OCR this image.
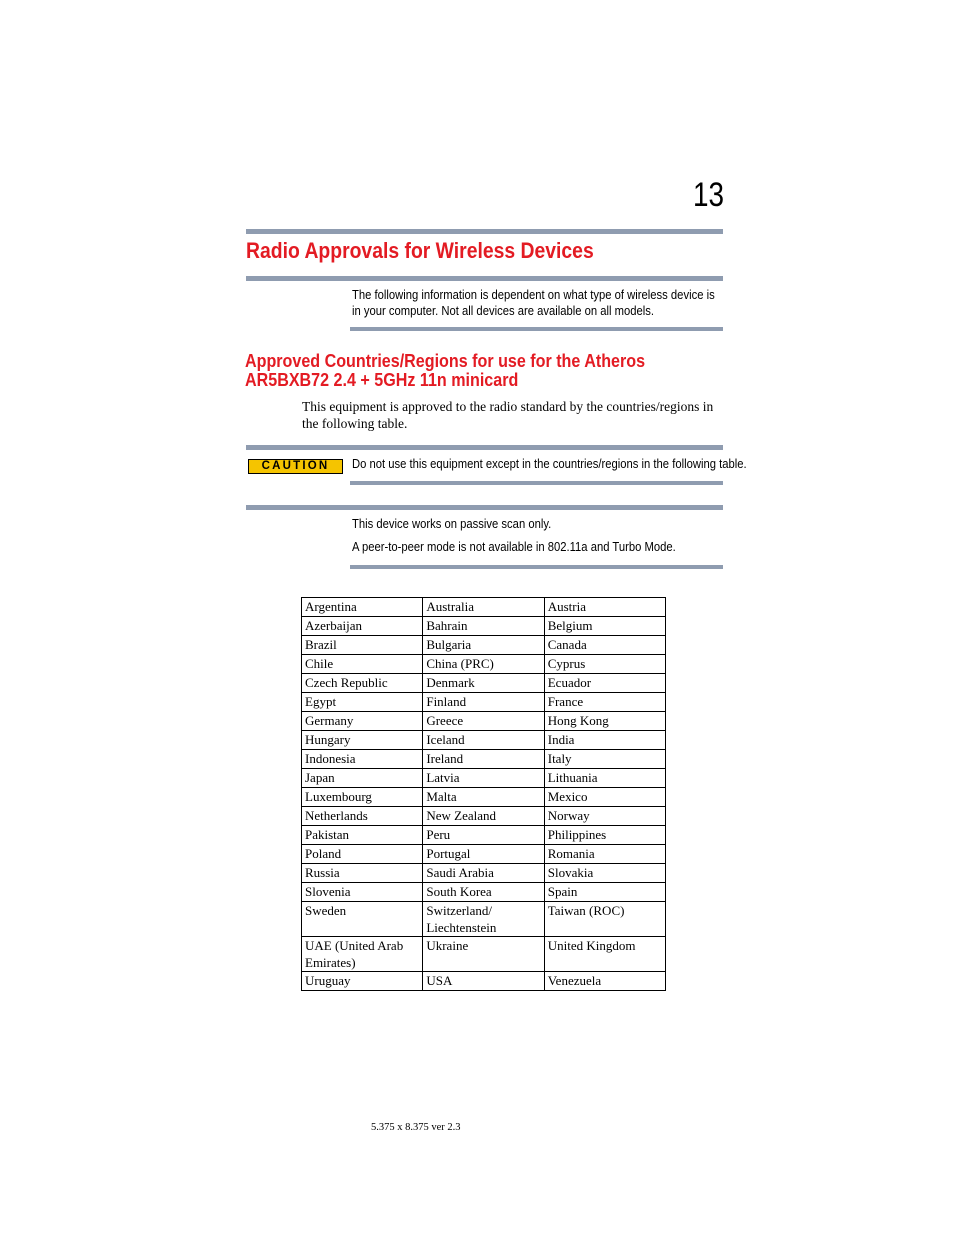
13
Radio Approvals for Wireless Devices
The following information is dependent on what type of wireless device is in your computer. Not all devices are available on all models.
Approved Countries/Regions for use for the Atheros AR5BXB72 2.4 + 5GHz 11n minicard
This equipment is approved to the radio standard by the countries/regions in the following table.
CAUTION	Do not use this equipment except in the countries/regions in the following table.
This device works on passive scan only.
A peer-to-peer mode is not available in 802.11a and Turbo Mode.
Argentina	Australia	Austria
Azerbaijan	Bahrain	Belgium
Brazil	Bulgaria	Canada
Chile	China (PRC)	Cyprus
Czech Republic	Denmark	Ecuador
Egypt	Finland	France
Germany	Greece	Hong Kong
Hungary	Iceland	India
Indonesia	Ireland	Italy
Japan	Latvia	Lithuania
Luxembourg	Malta	Mexico
Netherlands	New Zealand	Norway
Pakistan	Peru	Philippines
Poland	Portugal	Romania
Russia	Saudi Arabia	Slovakia
Slovenia	South Korea	Spain
Sweden	Switzerland/ Liechtenstein	Taiwan (ROC)
UAE (United Arab Emirates)	Ukraine	United Kingdom
Uruguay	USA	Venezuela
5.375 x 8.375 ver 2.3
